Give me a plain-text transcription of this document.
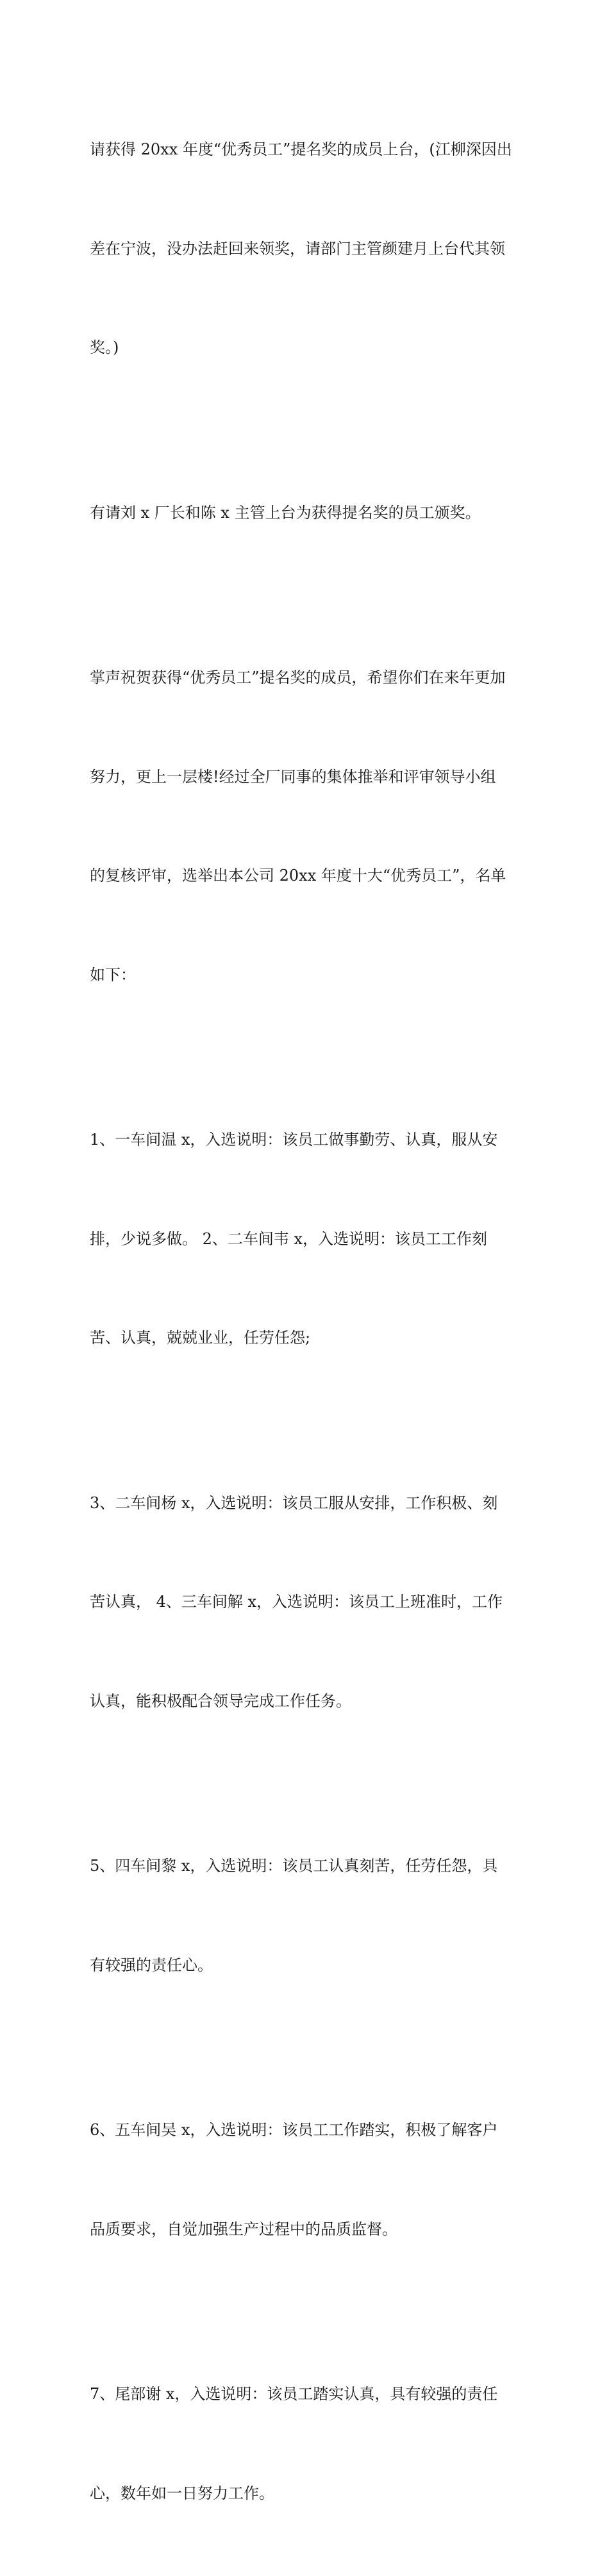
请获得 20xx 年度“优秀员工”提名奖的成员上台，(江柳深因出

差在宁波，没办法赶回来领奖，请部门主管颜建月上台代其领

奖。)

有请刘 x 厂长和陈 x 主管上台为获得提名奖的员工颁奖。

掌声祝贺获得“优秀员工”提名奖的成员，希望你们在来年更加

努力，更上一层楼!经过全厂同事的集体推举和评审领导小组

的复核评审，选举出本公司 20xx 年度十大“优秀员工”，名单

如下：

1、一车间温 x，入选说明：该员工做事勤劳、认真，服从安

排，少说多做。 2、二车间韦 x，入选说明：该员工工作刻

苦、认真，兢兢业业，任劳任怨;

3、二车间杨 x，入选说明：该员工服从安排，工作积极、刻

苦认真， 4、三车间解 x，入选说明：该员工上班准时，工作

认真，能积极配合领导完成工作任务。

5、四车间黎 x，入选说明：该员工认真刻苦，任劳任怨，具

有较强的责任心。

6、五车间吴 x，入选说明：该员工工作踏实，积极了解客户

品质要求，自觉加强生产过程中的品质监督。

7、尾部谢 x，入选说明：该员工踏实认真，具有较强的责任

心，数年如一日努力工作。
